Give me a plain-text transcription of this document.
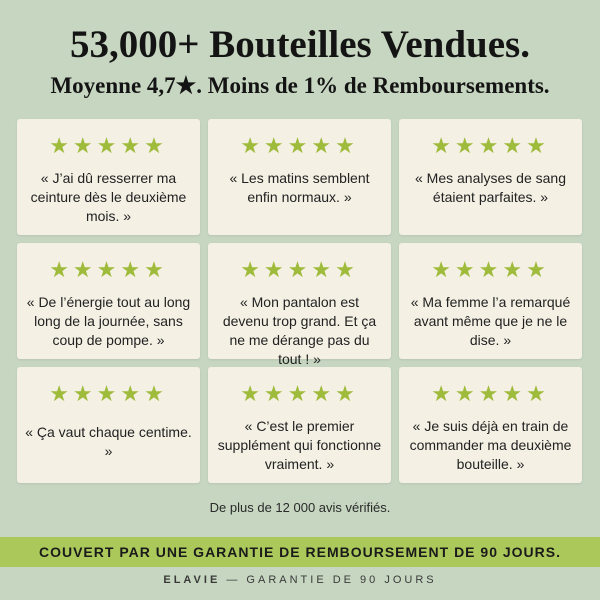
53,000+ Bouteilles Vendues.
Moyenne 4,7★. Moins de 1% de Remboursements.
★★★★★
« J’ai dû resserrer ma ceinture dès le deuxième mois. »
★★★★★
« Les matins semblent enfin normaux. »
★★★★★
« Mes analyses de sang étaient parfaites. »
★★★★★
« De l’énergie tout au long long de la journée, sans coup de pompe. »
★★★★★
« Mon pantalon est devenu trop grand. Et ça ne me dérange pas du tout ! »
★★★★★
« Ma femme l’a remarqué avant même que je ne le dise. »
★★★★★
« Ça vaut chaque centime. »
★★★★★
« C’est le premier supplément qui fonctionne vraiment. »
★★★★★
« Je suis déjà en train de commander ma deuxième bouteille. »
De plus de 12 000 avis vérifiés.
COUVERT PAR UNE GARANTIE DE REMBOURSEMENT DE 90 JOURS.
ELAVIE — GARANTIE DE 90 JOURS
